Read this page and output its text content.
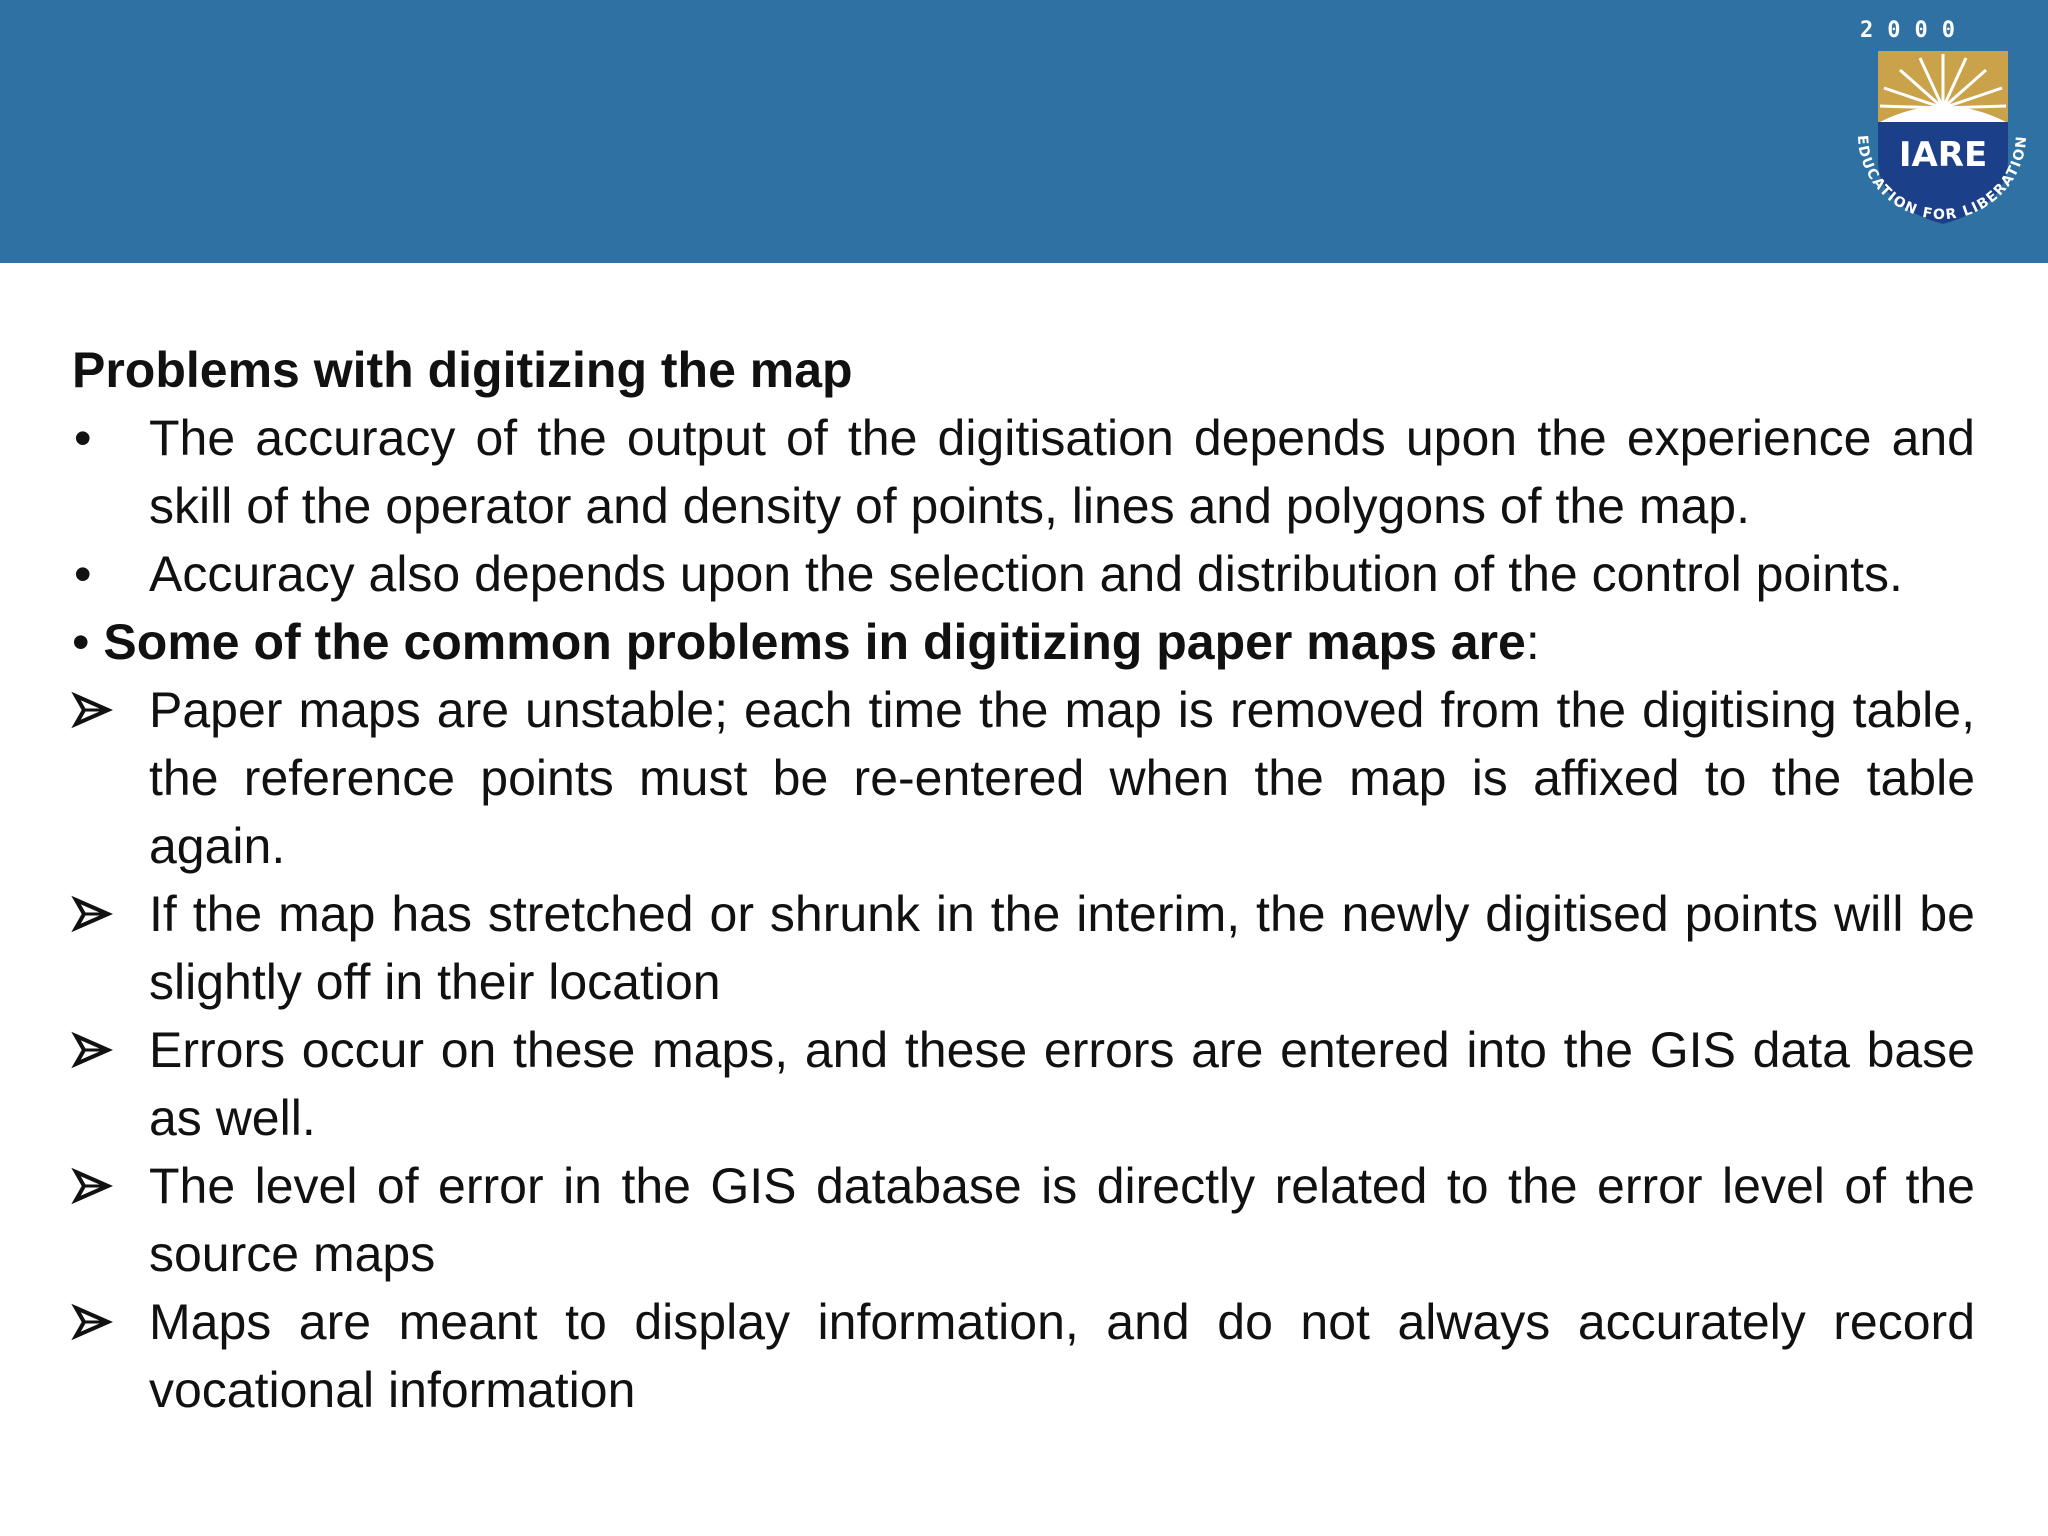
2000
IARE
EDUCATION FOR LIBERATION
Problems with digitizing the map
•	The accuracy of the output of the digitisation depends upon the experience and skill of the operator and density of points, lines and polygons of the map.
•	Accuracy also depends upon the selection and distribution of the control points.
• Some of the common problems in digitizing paper maps are:
Paper maps are unstable; each time the map is removed from the digitising table, the reference points must be re-entered when the map is affixed to the table again.
If the map has stretched or shrunk in the interim, the newly digitised points will be slightly off in their location
Errors occur on these maps, and these errors are entered into the GIS data base as well.
The level of error in the GIS database is directly related to the error level of the source maps
Maps are meant to display information, and do not always accurately record vocational information
